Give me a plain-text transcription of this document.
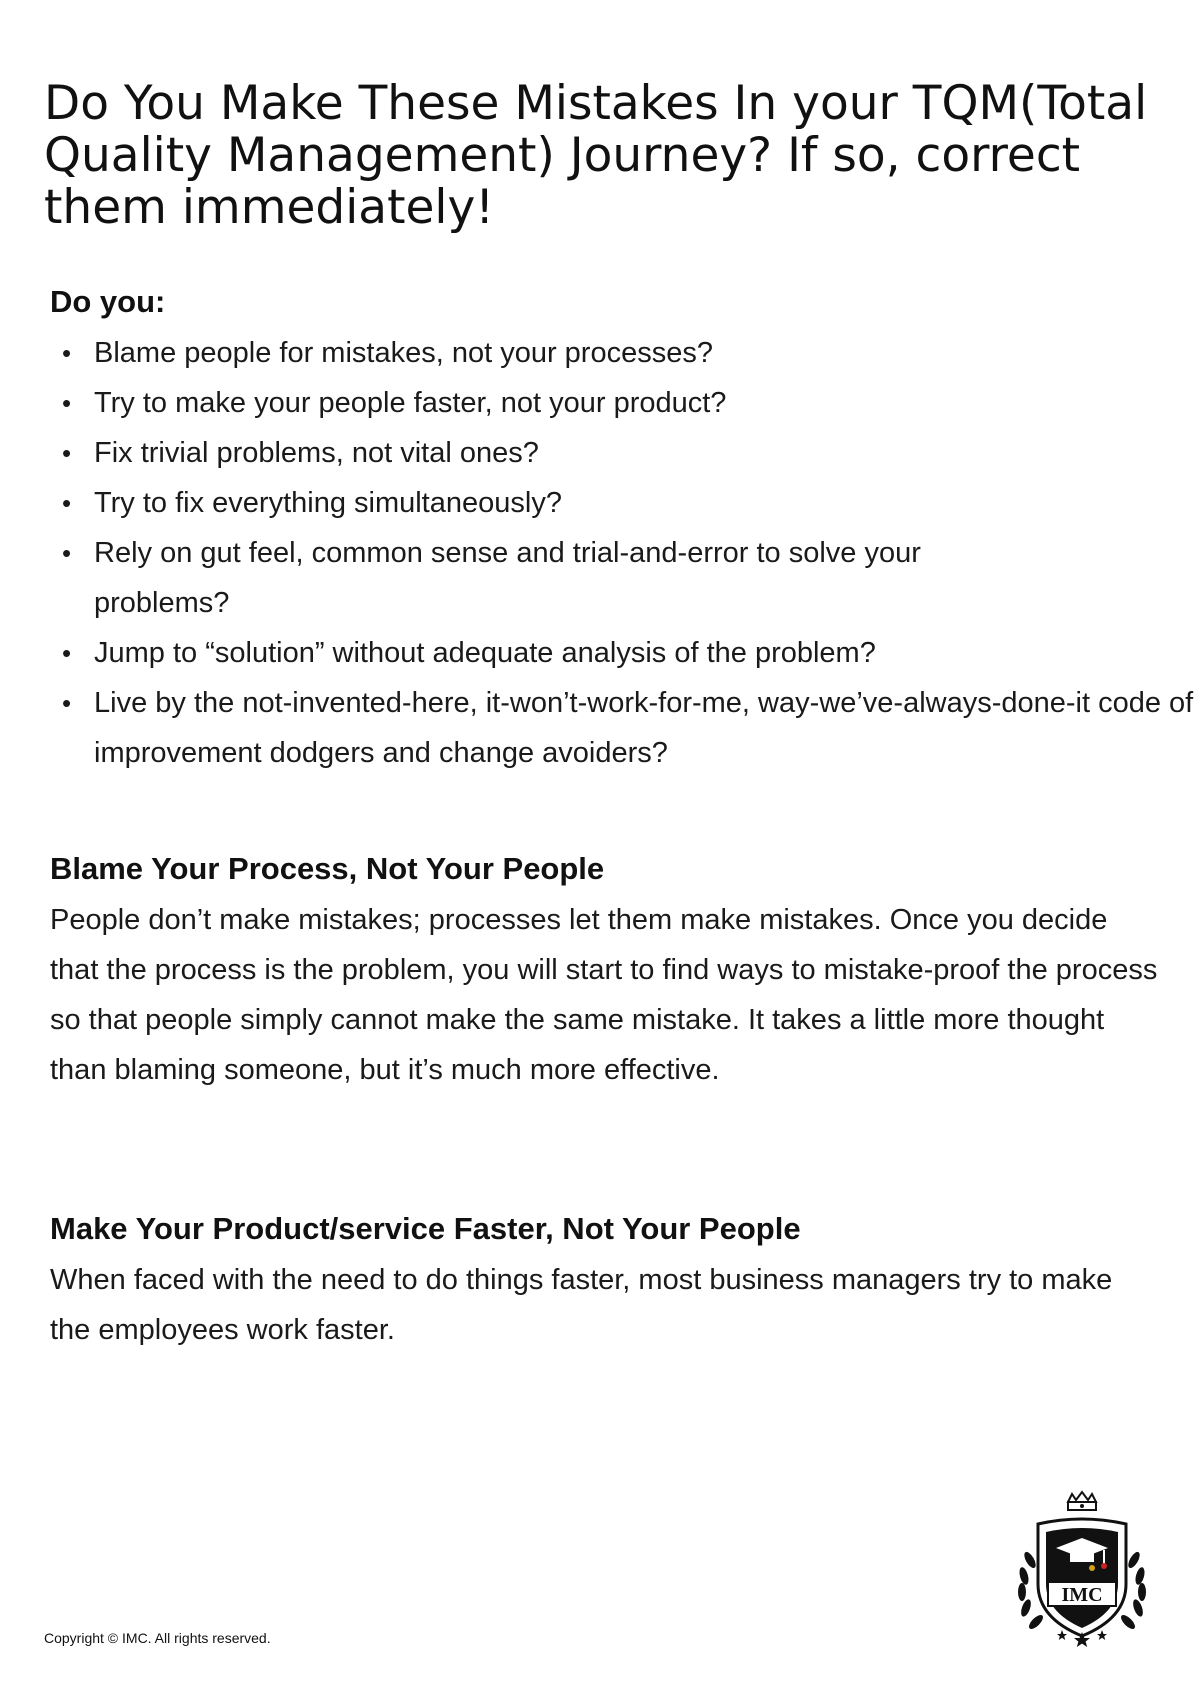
Do You Make These Mistakes In your TQM(Total Quality Management) Journey? If so, correct them immediately!
Do you:
• Blame people for mistakes, not your processes?
• Try to make your people faster, not your product?
• Fix trivial problems, not vital ones?
• Try to fix everything simultaneously?
• Rely on gut feel, common sense and trial-and-error to solve your problems?
• Jump to “solution” without adequate analysis of the problem?
• Live by the not-invented-here, it-won’t-work-for-me, way-we’ve-always-done-it code of improvement dodgers and change avoiders?
Blame Your Process, Not Your People

People don’t make mistakes; processes let them make mistakes. Once you decide that the process is the problem, you will start to find ways to mistake-proof the process so that people simply cannot make the same mistake. It takes a little more thought than blaming someone, but it’s much more effective.

Make Your Product/service Faster, Not Your People

When faced with the need to do things faster, most business managers try to make the employees work faster.

Copyright © IMC. All rights reserved.
IMC
